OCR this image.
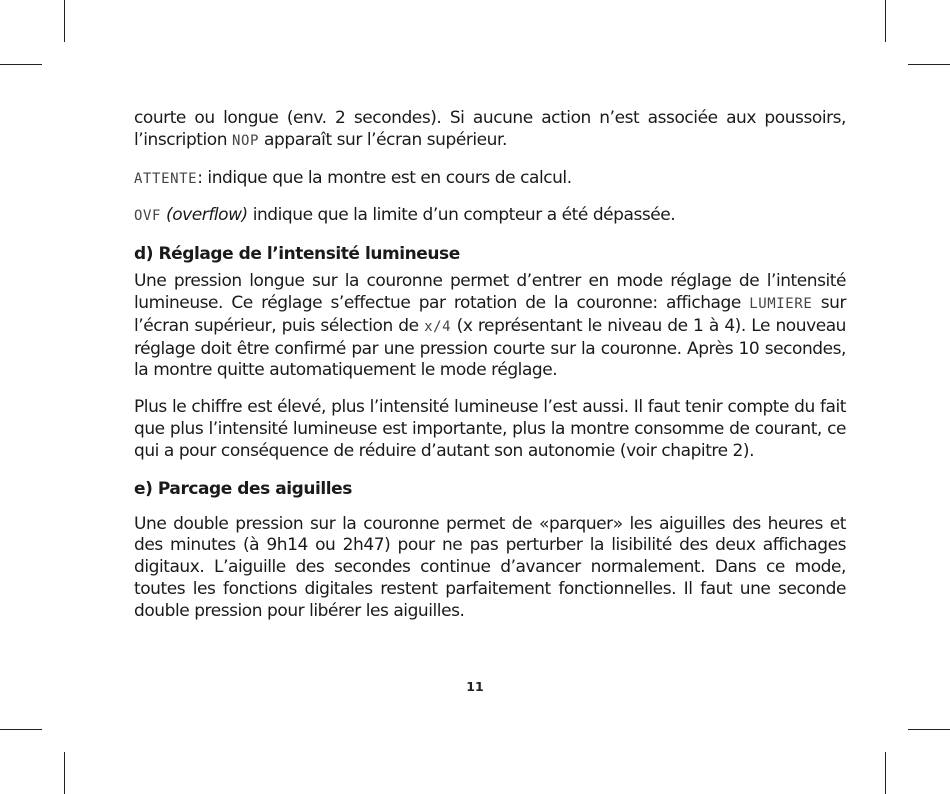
courte ou longue (env. 2 secondes). Si aucune action n’est associée aux poussoirs, l’inscription NOP apparaît sur l’écran supérieur.

ATTENTE: indique que la montre est en cours de calcul.

OVF (overflow) indique que la limite d’un compteur a été dépassée.

d) Réglage de l’intensité lumineuse

Une pression longue sur la couronne permet d’entrer en mode réglage de l’intensité lumineuse. Ce réglage s’effectue par rotation de la couronne: affichage LUMIERE sur l’écran supérieur, puis sélection de x/4 (x représentant le niveau de 1 à 4). Le nouveau réglage doit être confirmé par une pression courte sur la couronne. Après 10 secondes, la montre quitte automatiquement le mode réglage.

Plus le chiffre est élevé, plus l’intensité lumineuse l’est aussi. Il faut tenir compte du fait que plus l’intensité lumineuse est importante, plus la montre consomme de courant, ce qui a pour conséquence de réduire d’autant son autonomie (voir chapitre 2).

e) Parcage des aiguilles

Une double pression sur la couronne permet de «parquer» les aiguilles des heures et des minutes (à 9h14 ou 2h47) pour ne pas perturber la lisibilité des deux affichages digitaux. L’aiguille des secondes continue d’avancer normalement. Dans ce mode, toutes les fonctions digitales restent parfaitement fonctionnelles. Il faut une seconde double pression pour libérer les aiguilles.

11
